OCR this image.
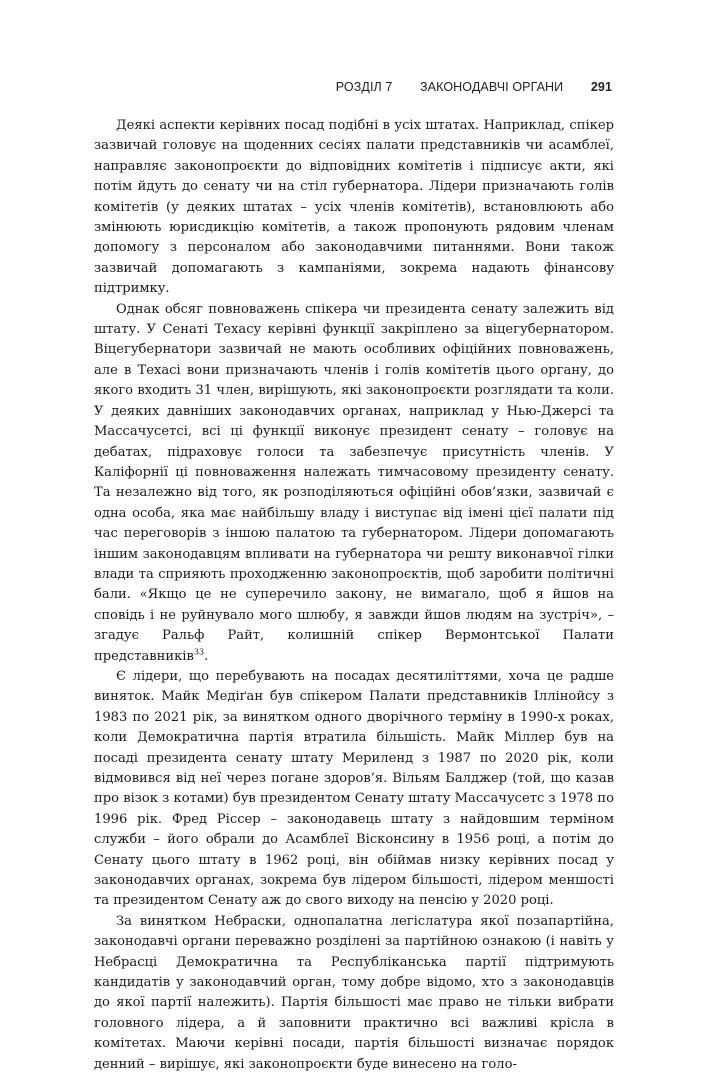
РОЗДІЛ 7 ЗАКОНОДАВЧІ ОРГАНИ 291

Деякі аспекти керівних посад подібні в усіх штатах. Наприклад, спікер зазвичай головує на щоденних сесіях палати представників чи асамблеї, направляє законопроєкти до відповідних комітетів і підписує акти, які потім йдуть до сенату чи на стіл губернатора. Лідери призначають голів комітетів (у деяких штатах – усіх членів комітетів), встановлюють або змінюють юрисдикцію комітетів, а також пропонують рядовим членам допомогу з персоналом або законодавчими питаннями. Вони також зазвичай допомагають з кампаніями, зокрема надають фінансову підтримку.

Однак обсяг повноважень спікера чи президента сенату залежить від штату. У Сенаті Техасу керівні функції закріплено за віцегубернатором. Віцегубернатори зазвичай не мають особливих офіційних повноважень, але в Техасі вони призначають членів і голів комітетів цього органу, до якого входить 31 член, вирішують, які законопроєкти розглядати та коли. У деяких давніших законодавчих органах, наприклад у Нью-Джерсі та Массачусетсі, всі ці функції виконує президент сенату – головує на дебатах, підраховує голоси та забезпечує присутність членів. У Каліфорнії ці повноваження належать тимчасовому президенту сенату. Та незалежно від того, як розподіляються офіційні обов’язки, зазвичай є одна особа, яка має найбільшу владу і виступає від імені цієї палати під час переговорів з іншою палатою та губернатором. Лідери допомагають іншим законодавцям впливати на губернатора чи решту виконавчої гілки влади та сприяють проходженню законопроєктів, щоб заробити політичні бали. «Якщо це не суперечило закону, не вимагало, щоб я йшов на сповідь і не руйнувало мого шлюбу, я завжди йшов людям на зустріч», – згадує Ральф Райт, колишній спікер Вермонтської Палати представників$^{33}$.

Є лідери, що перебувають на посадах десятиліттями, хоча це радше виняток. Майк Медіґан був спікером Палати представників Іллінойсу з 1983 по 2021 рік, за винятком одного дворічного терміну в 1990-х роках, коли Демократична партія втратила більшість. Майк Міллер був на посаді президента сенату штату Мериленд з 1987 по 2020 рік, коли відмовився від неї через погане здоров’я. Вільям Балджер (той, що казав про візок з котами) був президентом Сенату штату Массачусетс з 1978 по 1996 рік. Фред Ріссер – законодавець штату з найдовшим терміном служби – його обрали до Асамблеї Вісконсину в 1956 році, а потім до Сенату цього штату в 1962 році, він обіймав низку керівних посад у законодавчих органах, зокрема був лідером більшості, лідером меншості та президентом Сенату аж до свого виходу на пенсію у 2020 році.

За винятком Небраски, однопалатна легіслатура якої позапартійна, законодавчі органи переважно розділені за партійною ознакою (і навіть у Небрасці Демократична та Республіканська партії підтримують кандидатів у законодавчий орган, тому добре відомо, хто з законодавців до якої партії належить). Партія більшості має право не тільки вибрати головного лідера, а й заповнити практично всі важливі крісла в комітетах. Маючи керівні посади, партія більшості визначає порядок денний – вирішує, які законопроєкти буде винесено на голо-
